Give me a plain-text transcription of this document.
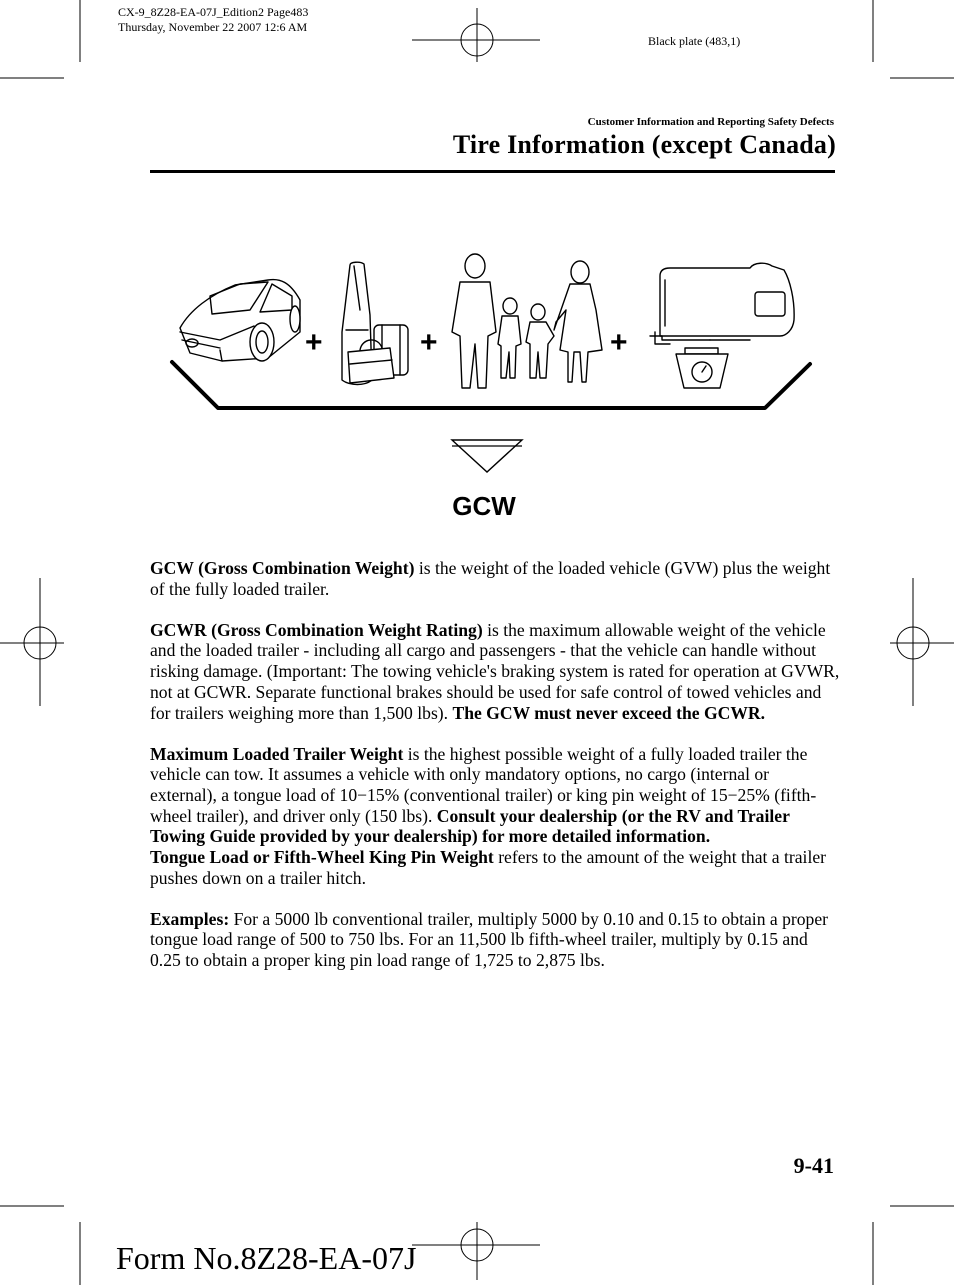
CX-9_8Z28-EA-07J_Edition2 Page483
Thursday, November 22 2007 12:6 AM
Black plate (483,1)
Customer Information and Reporting Safety Defects
Tire Information (except Canada)
+	+	+
GCW

GCW (Gross Combination Weight) is the weight of the loaded vehicle (GVW) plus the weight of the fully loaded trailer.

GCWR (Gross Combination Weight Rating) is the maximum allowable weight of the vehicle and the loaded trailer - including all cargo and passengers - that the vehicle can handle without risking damage. (Important: The towing vehicle's braking system is rated for operation at GVWR, not at GCWR. Separate functional brakes should be used for safe control of towed vehicles and for trailers weighing more than 1,500 lbs). The GCW must never exceed the GCWR.

Maximum Loaded Trailer Weight is the highest possible weight of a fully loaded trailer the vehicle can tow. It assumes a vehicle with only mandatory options, no cargo (internal or external), a tongue load of 10−15% (conventional trailer) or king pin weight of 15−25% (fifth-wheel trailer), and driver only (150 lbs). Consult your dealership (or the RV and Trailer Towing Guide provided by your dealership) for more detailed information.
Tongue Load or Fifth-Wheel King Pin Weight refers to the amount of the weight that a trailer pushes down on a trailer hitch.

Examples: For a 5000 lb conventional trailer, multiply 5000 by 0.10 and 0.15 to obtain a proper tongue load range of 500 to 750 lbs. For an 11,500 lb fifth-wheel trailer, multiply by 0.15 and 0.25 to obtain a proper king pin load range of 1,725 to 2,875 lbs.

9-41
Form No.8Z28-EA-07J
